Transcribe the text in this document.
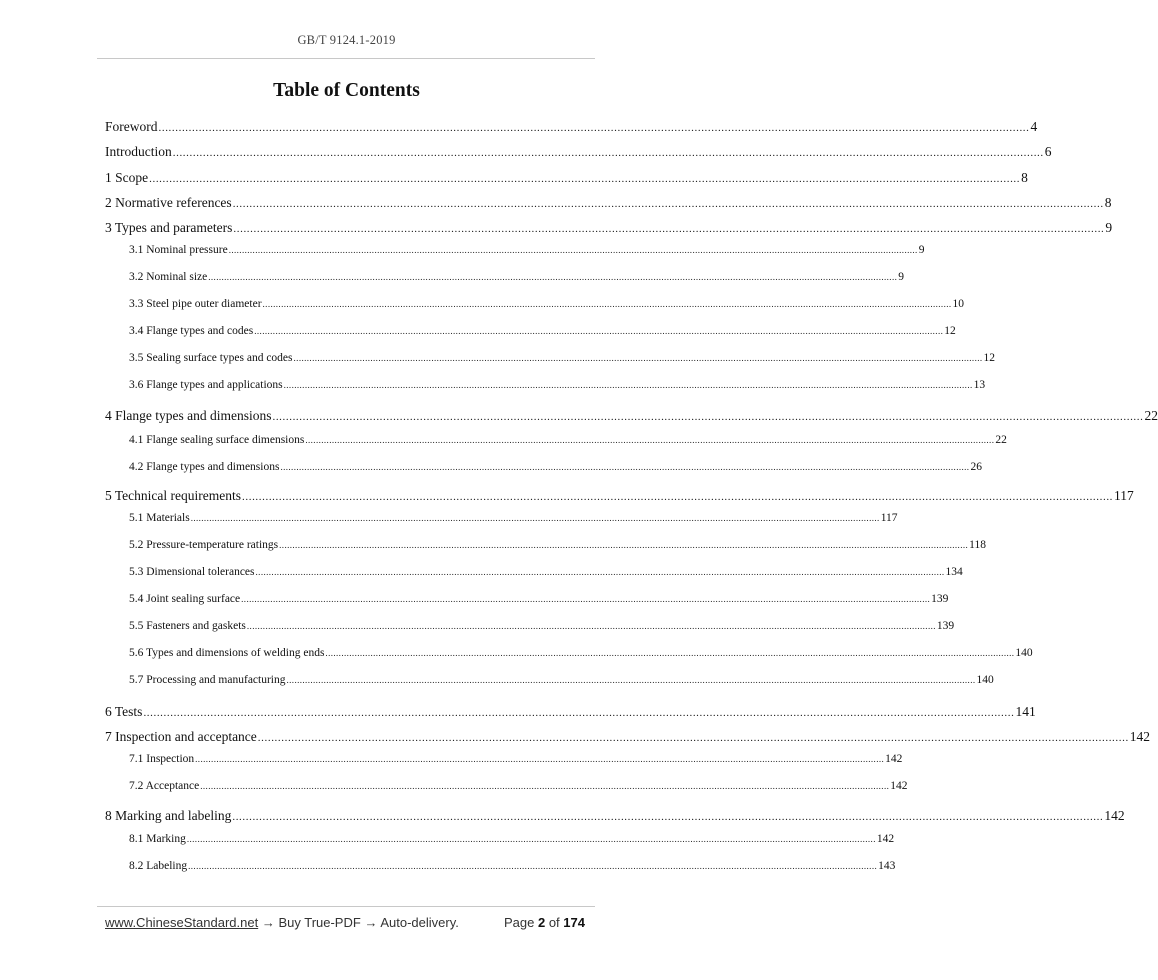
GB/T 9124.1-2019
Table of Contents
Foreword .................................................................................................................................................................................................................................................................... 4
Introduction .................................................................................................................................................................................................................................................................... 6
1 Scope .................................................................................................................................................................................................................................................................... 8
2 Normative references .................................................................................................................................................................................................................................................................... 8
3 Types and parameters .................................................................................................................................................................................................................................................................... 9
3.1 Nominal pressure .................................................................................................................................................................................................................................................................... 9
3.2 Nominal size .................................................................................................................................................................................................................................................................... 9
3.3 Steel pipe outer diameter .................................................................................................................................................................................................................................................................... 10
3.4 Flange types and codes .................................................................................................................................................................................................................................................................... 12
3.5 Sealing surface types and codes .................................................................................................................................................................................................................................................................... 12
3.6 Flange types and applications .................................................................................................................................................................................................................................................................... 13
4 Flange types and dimensions .................................................................................................................................................................................................................................................................... 22
4.1 Flange sealing surface dimensions .................................................................................................................................................................................................................................................................... 22
4.2 Flange types and dimensions .................................................................................................................................................................................................................................................................... 26
5 Technical requirements .................................................................................................................................................................................................................................................................... 117
5.1 Materials .................................................................................................................................................................................................................................................................... 117
5.2 Pressure-temperature ratings .................................................................................................................................................................................................................................................................... 118
5.3 Dimensional tolerances .................................................................................................................................................................................................................................................................... 134
5.4 Joint sealing surface .................................................................................................................................................................................................................................................................... 139
5.5 Fasteners and gaskets .................................................................................................................................................................................................................................................................... 139
5.6 Types and dimensions of welding ends .................................................................................................................................................................................................................................................................... 140
5.7 Processing and manufacturing .................................................................................................................................................................................................................................................................... 140
6 Tests .................................................................................................................................................................................................................................................................... 141
7 Inspection and acceptance .................................................................................................................................................................................................................................................................... 142
7.1 Inspection .................................................................................................................................................................................................................................................................... 142
7.2 Acceptance .................................................................................................................................................................................................................................................................... 142
8 Marking and labeling .................................................................................................................................................................................................................................................................... 142
8.1 Marking .................................................................................................................................................................................................................................................................... 142
8.2 Labeling .................................................................................................................................................................................................................................................................... 143
www.ChineseStandard.net → Buy True-PDF → Auto-delivery.	Page 2 of 174
